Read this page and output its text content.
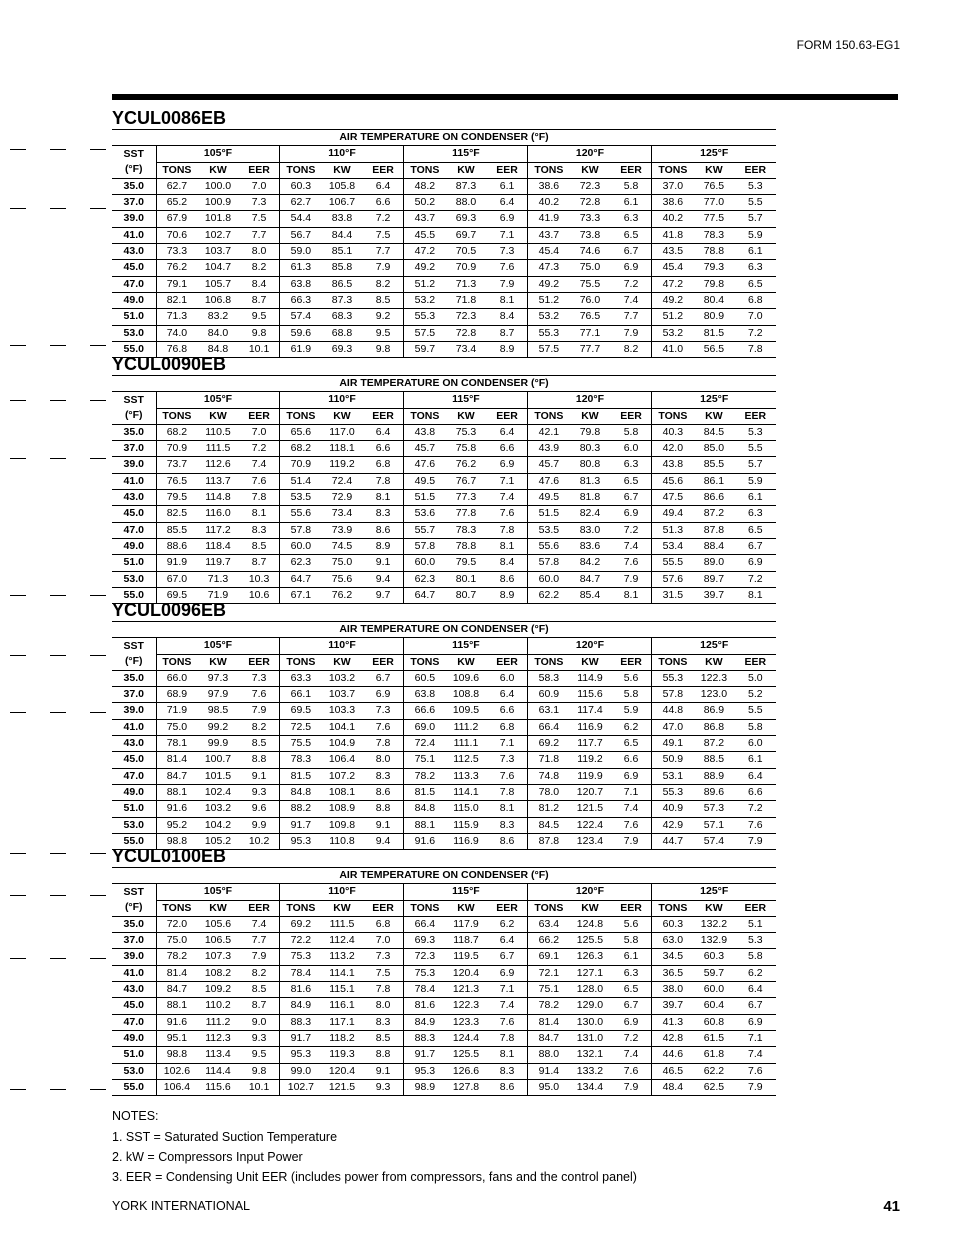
FORM 150.63-EG1
YCUL0086EB
AIR TEMPERATURE ON CONDENSER (°F)															
SST	105°F			110°F			115°F			120°F			125°F		
(°F)	TONS	KW	EER	TONS	KW	EER	TONS	KW	EER	TONS	KW	EER	TONS	KW	EER
35.0	62.7	100.0	7.0	60.3	105.8	6.4	48.2	87.3	6.1	38.6	72.3	5.8	37.0	76.5	5.3
37.0	65.2	100.9	7.3	62.7	106.7	6.6	50.2	88.0	6.4	40.2	72.8	6.1	38.6	77.0	5.5
39.0	67.9	101.8	7.5	54.4	83.8	7.2	43.7	69.3	6.9	41.9	73.3	6.3	40.2	77.5	5.7
41.0	70.6	102.7	7.7	56.7	84.4	7.5	45.5	69.7	7.1	43.7	73.8	6.5	41.8	78.3	5.9
43.0	73.3	103.7	8.0	59.0	85.1	7.7	47.2	70.5	7.3	45.4	74.6	6.7	43.5	78.8	6.1
45.0	76.2	104.7	8.2	61.3	85.8	7.9	49.2	70.9	7.6	47.3	75.0	6.9	45.4	79.3	6.3
47.0	79.1	105.7	8.4	63.8	86.5	8.2	51.2	71.3	7.9	49.2	75.5	7.2	47.2	79.8	6.5
49.0	82.1	106.8	8.7	66.3	87.3	8.5	53.2	71.8	8.1	51.2	76.0	7.4	49.2	80.4	6.8
51.0	71.3	83.2	9.5	57.4	68.3	9.2	55.3	72.3	8.4	53.2	76.5	7.7	51.2	80.9	7.0
53.0	74.0	84.0	9.8	59.6	68.8	9.5	57.5	72.8	8.7	55.3	77.1	7.9	53.2	81.5	7.2
55.0	76.8	84.8	10.1	61.9	69.3	9.8	59.7	73.4	8.9	57.5	77.7	8.2	41.0	56.5	7.8
YCUL0090EB
AIR TEMPERATURE ON CONDENSER (°F)															
SST	105°F			110°F			115°F			120°F			125°F		
(°F)	TONS	KW	EER	TONS	KW	EER	TONS	KW	EER	TONS	KW	EER	TONS	KW	EER
35.0	68.2	110.5	7.0	65.6	117.0	6.4	43.8	75.3	6.4	42.1	79.8	5.8	40.3	84.5	5.3
37.0	70.9	111.5	7.2	68.2	118.1	6.6	45.7	75.8	6.6	43.9	80.3	6.0	42.0	85.0	5.5
39.0	73.7	112.6	7.4	70.9	119.2	6.8	47.6	76.2	6.9	45.7	80.8	6.3	43.8	85.5	5.7
41.0	76.5	113.7	7.6	51.4	72.4	7.8	49.5	76.7	7.1	47.6	81.3	6.5	45.6	86.1	5.9
43.0	79.5	114.8	7.8	53.5	72.9	8.1	51.5	77.3	7.4	49.5	81.8	6.7	47.5	86.6	6.1
45.0	82.5	116.0	8.1	55.6	73.4	8.3	53.6	77.8	7.6	51.5	82.4	6.9	49.4	87.2	6.3
47.0	85.5	117.2	8.3	57.8	73.9	8.6	55.7	78.3	7.8	53.5	83.0	7.2	51.3	87.8	6.5
49.0	88.6	118.4	8.5	60.0	74.5	8.9	57.8	78.8	8.1	55.6	83.6	7.4	53.4	88.4	6.7
51.0	91.9	119.7	8.7	62.3	75.0	9.1	60.0	79.5	8.4	57.8	84.2	7.6	55.5	89.0	6.9
53.0	67.0	71.3	10.3	64.7	75.6	9.4	62.3	80.1	8.6	60.0	84.7	7.9	57.6	89.7	7.2
55.0	69.5	71.9	10.6	67.1	76.2	9.7	64.7	80.7	8.9	62.2	85.4	8.1	31.5	39.7	8.1
YCUL0096EB
AIR TEMPERATURE ON CONDENSER (°F)															
SST	105°F			110°F			115°F			120°F			125°F		
(°F)	TONS	KW	EER	TONS	KW	EER	TONS	KW	EER	TONS	KW	EER	TONS	KW	EER
35.0	66.0	97.3	7.3	63.3	103.2	6.7	60.5	109.6	6.0	58.3	114.9	5.6	55.3	122.3	5.0
37.0	68.9	97.9	7.6	66.1	103.7	6.9	63.8	108.8	6.4	60.9	115.6	5.8	57.8	123.0	5.2
39.0	71.9	98.5	7.9	69.5	103.3	7.3	66.6	109.5	6.6	63.1	117.4	5.9	44.8	86.9	5.5
41.0	75.0	99.2	8.2	72.5	104.1	7.6	69.0	111.2	6.8	66.4	116.9	6.2	47.0	86.8	5.8
43.0	78.1	99.9	8.5	75.5	104.9	7.8	72.4	111.1	7.1	69.2	117.7	6.5	49.1	87.2	6.0
45.0	81.4	100.7	8.8	78.3	106.4	8.0	75.1	112.5	7.3	71.8	119.2	6.6	50.9	88.5	6.1
47.0	84.7	101.5	9.1	81.5	107.2	8.3	78.2	113.3	7.6	74.8	119.9	6.9	53.1	88.9	6.4
49.0	88.1	102.4	9.3	84.8	108.1	8.6	81.5	114.1	7.8	78.0	120.7	7.1	55.3	89.6	6.6
51.0	91.6	103.2	9.6	88.2	108.9	8.8	84.8	115.0	8.1	81.2	121.5	7.4	40.9	57.3	7.2
53.0	95.2	104.2	9.9	91.7	109.8	9.1	88.1	115.9	8.3	84.5	122.4	7.6	42.9	57.1	7.6
55.0	98.8	105.2	10.2	95.3	110.8	9.4	91.6	116.9	8.6	87.8	123.4	7.9	44.7	57.4	7.9
YCUL0100EB
AIR TEMPERATURE ON CONDENSER (°F)															
SST	105°F			110°F			115°F			120°F			125°F		
(°F)	TONS	KW	EER	TONS	KW	EER	TONS	KW	EER	TONS	KW	EER	TONS	KW	EER
35.0	72.0	105.6	7.4	69.2	111.5	6.8	66.4	117.9	6.2	63.4	124.8	5.6	60.3	132.2	5.1
37.0	75.0	106.5	7.7	72.2	112.4	7.0	69.3	118.7	6.4	66.2	125.5	5.8	63.0	132.9	5.3
39.0	78.2	107.3	7.9	75.3	113.2	7.3	72.3	119.5	6.7	69.1	126.3	6.1	34.5	60.3	5.8
41.0	81.4	108.2	8.2	78.4	114.1	7.5	75.3	120.4	6.9	72.1	127.1	6.3	36.5	59.7	6.2
43.0	84.7	109.2	8.5	81.6	115.1	7.8	78.4	121.3	7.1	75.1	128.0	6.5	38.0	60.0	6.4
45.0	88.1	110.2	8.7	84.9	116.1	8.0	81.6	122.3	7.4	78.2	129.0	6.7	39.7	60.4	6.7
47.0	91.6	111.2	9.0	88.3	117.1	8.3	84.9	123.3	7.6	81.4	130.0	6.9	41.3	60.8	6.9
49.0	95.1	112.3	9.3	91.7	118.2	8.5	88.3	124.4	7.8	84.7	131.0	7.2	42.8	61.5	7.1
51.0	98.8	113.4	9.5	95.3	119.3	8.8	91.7	125.5	8.1	88.0	132.1	7.4	44.6	61.8	7.4
53.0	102.6	114.4	9.8	99.0	120.4	9.1	95.3	126.6	8.3	91.4	133.2	7.6	46.5	62.2	7.6
55.0	106.4	115.6	10.1	102.7	121.5	9.3	98.9	127.8	8.6	95.0	134.4	7.9	48.4	62.5	7.9
NOTES:
1. SST = Saturated Suction Temperature
2. kW = Compressors Input Power
3. EER = Condensing Unit EER (includes power from compressors, fans and the control panel)
YORK INTERNATIONAL	41
